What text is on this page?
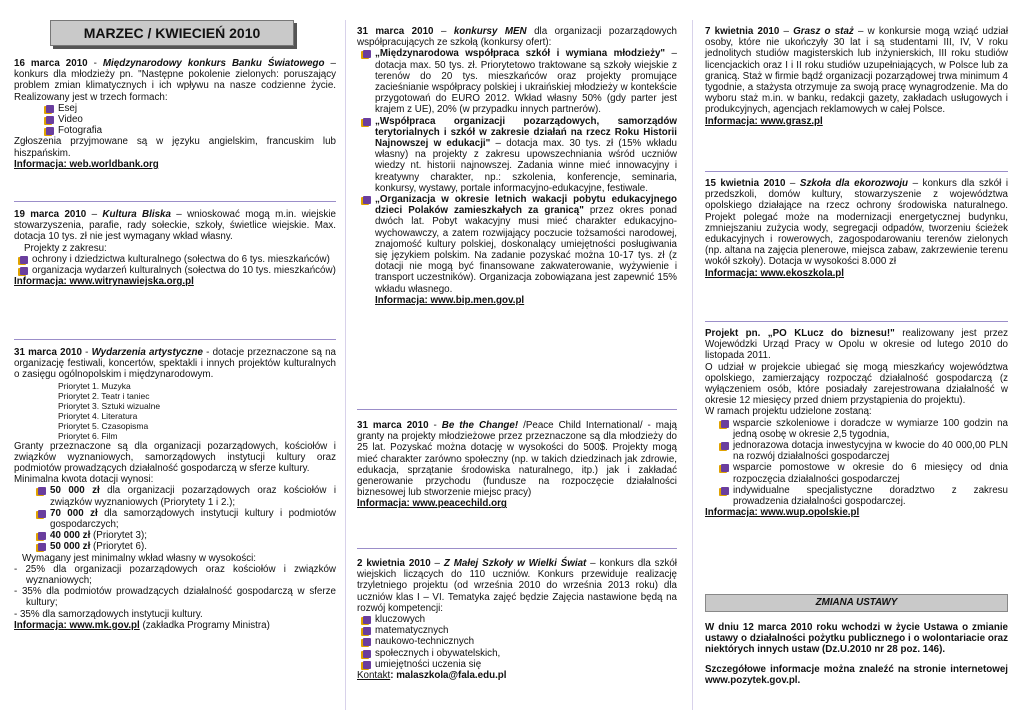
MARZEC / KWIECIEŃ 2010

16 marca 2010 - Międzynarodowy konkurs Banku Światowego – konkurs dla młodzieży pn. "Następne pokolenie zielonych: poruszający problem zmian klimatycznych i ich wpływu na nasze codzienne życie. Realizowany jest w trzech formach:

Esej
Video
Fotografia

Zgłoszenia przyjmowane są w języku angielskim, francuskim lub hiszpańskim.

Informacja: web.worldbank.org

19 marca 2010 – Kultura Bliska – wnioskować mogą m.in. wiejskie stowarzyszenia, parafie, rady sołeckie, szkoły, świetlice wiejskie. Max. dotacja 10 tys. zł nie jest wymagany wkład własny.

Projekty z zakresu:

ochrony i dziedzictwa kulturalnego (sołectwa do 6 tys. mieszkańców)
organizacja wydarzeń kulturalnych (sołectwa do 10 tys. mieszkańców)

Informacja: www.witrynawiejska.org.pl

31 marca 2010 - Wydarzenia artystyczne - dotacje przeznaczone są na organizację festiwali, koncertów, spektakli i innych projektów kulturalnych o zasięgu ogólnopolskim i międzynarodowym.

Priorytet 1. Muzyka
Priorytet 2. Teatr i taniec
Priorytet 3. Sztuki wizualne
Priorytet 4. Literatura
Priorytet 5. Czasopisma
Priorytet 6. Film

Granty przeznaczone są dla organizacji pozarządowych, kościołów i związków wyznaniowych, samorządowych instytucji kultury oraz podmiotów prowadzących działalność gospodarczą w sferze kultury.

Minimalna kwota dotacji wynosi:

50 000 zł dla organizacji pozarządowych oraz kościołów i związków wyznaniowych (Priorytety 1 i 2.);
70 000 zł dla samorządowych instytucji kultury i podmiotów gospodarczych;
40 000 zł (Priorytet 3);
50 000 zł (Priorytet 6).

Wymagany jest minimalny wkład własny w wysokości:

- 25% dla organizacji pozarządowych oraz kościołów i związków wyznaniowych;

- 35% dla podmiotów prowadzących działalność gospodarczą w sferze kultury;

- 35% dla samorządowych instytucji kultury.

Informacja: www.mk.gov.pl (zakładka Programy Ministra)

31 marca 2010 – konkursy MEN dla organizacji pozarządowych współpracujących ze szkołą (konkursy ofert):

„Międzynarodowa współpraca szkół i wymiana młodzieży" – dotacja max. 50 tys. zł. Priorytetowo traktowane są szkoły wiejskie z terenów do 20 tys. mieszkańców oraz projekty promujące zacieśnianie współpracy polskiej i ukraińskiej młodzieży w kontekście przygotowań do EURO 2012. Wkład własny 50% (gdy parter jest krajem z UE), 20% (w przypadku innych partnerów).
„Współpraca organizacji pozarządowych, samorządów terytorialnych i szkół w zakresie działań na rzecz Roku Historii Najnowszej w edukacji" – dotacja max. 30 tys. zł (15% wkładu własny) na projekty z zakresu upowszechniania wśród uczniów wiedzy nt. historii najnowszej. Zadania winne mieć innowacyjny i kreatywny charakter, np.: szkolenia, konferencje, seminaria, konkursy, wystawy, portale informacyjno-edukacyjne, festiwale.
„Organizacja w okresie letnich wakacji pobytu edukacyjnego dzieci Polaków zamieszkałych za granicą" przez okres ponad dwóch lat. Pobyt wakacyjny musi mieć charakter edukacyjno-wychowawczy, a zatem rozwijający poczucie tożsamości narodowej, znajomość kultury polskiej, doskonalący umiejętności posługiwania się językiem polskim. Na zadanie pozyskać można 10-17 tys. zł (z dotacji nie mogą być finansowane zakwaterowanie, wyżywienie i transport uczestników). Organizacja zobowiązana jest zapewnić 15% wkładu własnego.

Informacja: www.bip.men.gov.pl

31 marca 2010 - Be the Change! /Peace Child International/ - mają granty na projekty młodzieżowe przez przeznaczone są dla młodzieży do 25 lat. Pozyskać można dotację w wysokości do 500$. Projekty mogą mieć charakter zarówno społeczny (np. w takich dziedzinach jak zdrowie, edukacja, sprzątanie środowiska naturalnego, itp.) jak i zakładać generowanie przychodu (fundusze na rozpoczęcie działalności biznesowej lub stworzenie miejsc pracy)

Informacja: www.peacechild.org

2 kwietnia 2010 – Z Małej Szkoły w Wielki Świat – konkurs dla szkół wiejskich liczących do 110 uczniów. Konkurs przewiduje realizację trzyletniego projektu (od września 2010 do września 2013 roku) dla uczniów klas I – VI. Tematyka zajęć będzie Zajęcia nastawione będą na rozwój kompetencji:

kluczowych
matematycznych
naukowo-technicznych
społecznych i obywatelskich,
umiejętności uczenia się

Kontakt: malaszkola@fala.edu.pl

7 kwietnia 2010 – Grasz o staż – w konkursie mogą wziąć udział osoby, które nie ukończyły 30 lat i są studentami III, IV, V roku jednolitych studiów magisterskich lub inżynierskich, III roku studiów licencjackich oraz I i II roku studiów uzupełniających, w Polsce lub za granicą. Staż w firmie bądź organizacji pozarządowej trwa minimum 4 tygodnie, a stażysta otrzymuje za swoją pracę wynagrodzenie. Ma do wyboru staż m.in. w banku, redakcji gazety, zakładach usługowych i produkcyjnych, agencjach reklamowych w całej Polsce.

Informacja: www.grasz.pl

15 kwietnia 2010 – Szkoła dla ekorozwoju – konkurs dla szkół i przedszkoli, domów kultury, stowarzyszenie z województwa opolskiego działające na rzecz ochrony środowiska naturalnego. Projekt polegać może na modernizacji energetycznej budynku, zmniejszaniu zużycia wody, segregacji odpadów, tworzeniu ścieżek edukacyjnych i rowerowych, zagospodarowaniu terenów zielonych (np. altana na zajęcia plenerowe, miejsca zabaw, zakrzewienie terenu wokół szkoły). Dotacja w wysokości 8.000 zł

Informacja: www.ekoszkola.pl

Projekt pn. „PO KLucz do biznesu!" realizowany jest przez Wojewódzki Urząd Pracy w Opolu w okresie od lutego 2010 do listopada 2011.

O udział w projekcie ubiegać się mogą mieszkańcy województwa opolskiego, zamierzający rozpocząć działalność gospodarczą (z wyłączeniem osób, które posiadały zarejestrowana działalność w okresie 12 miesięcy przed dniem przystąpienia do projektu).

W ramach projektu udzielone zostaną:

wsparcie szkoleniowe i doradcze w wymiarze 100 godzin na jedną osobę w okresie 2,5 tygodnia,
jednorazowa dotacja inwestycyjna w kwocie do 40 000,00 PLN na rozwój działalności gospodarczej
wsparcie pomostowe w okresie do 6 miesięcy od dnia rozpoczęcia działalności gospodarczej
indywidualne specjalistyczne doradztwo z zakresu prowadzenia działalności gospodarczej.

Informacja: www.wup.opolskie.pl

ZMIANA USTAWY

W dniu 12 marca 2010 roku wchodzi w życie Ustawa o zmianie ustawy o działalności pożytku publicznego i o wolontariacie oraz niektórych innych ustaw (Dz.U.2010 nr 28 poz. 146).

Szczegółowe informacje można znaleźć na stronie internetowej www.pozytek.gov.pl.
